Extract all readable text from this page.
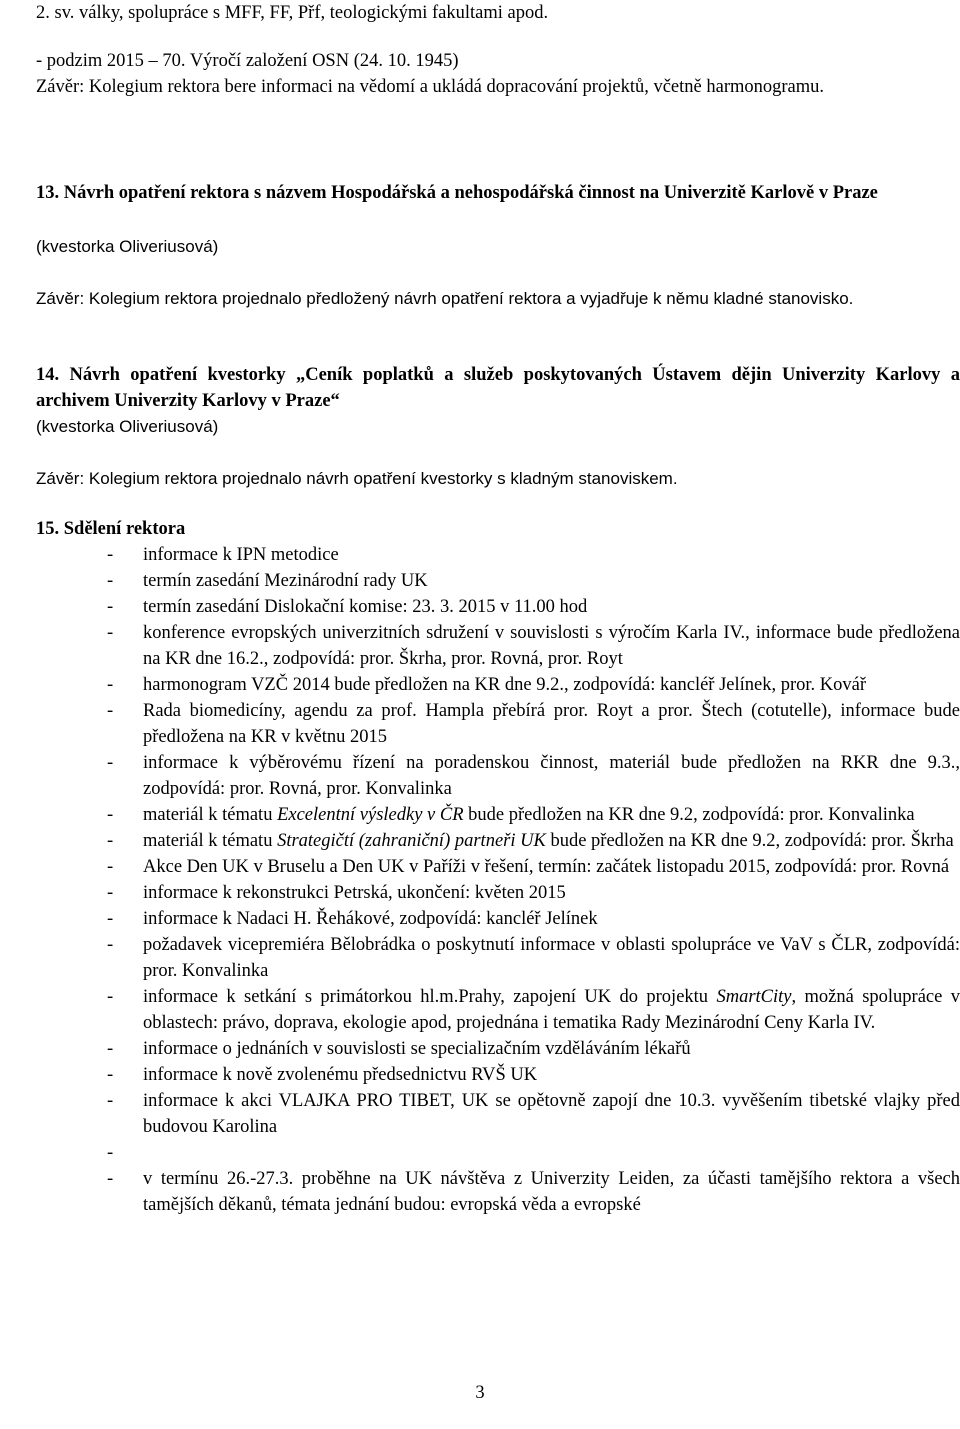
2. sv. války, spolupráce s MFF, FF, Přf, teologickými fakultami apod.

- podzim 2015 – 70. Výročí založení OSN (24. 10. 1945)

Závěr: Kolegium rektora bere informaci na vědomí a ukládá dopracování projektů, včetně harmonogramu.

13. Návrh opatření rektora s názvem Hospodářská a nehospodářská činnost na Univerzitě Karlově v Praze

(kvestorka Oliveriusová)

Závěr: Kolegium rektora projednalo předložený návrh opatření rektora a vyjadřuje k němu kladné stanovisko.

14. Návrh opatření kvestorky „Ceník poplatků a služeb poskytovaných Ústavem dějin Univerzity Karlovy a archivem Univerzity Karlovy v Praze“

(kvestorka Oliveriusová)

Závěr: Kolegium rektora projednalo návrh opatření kvestorky s kladným stanoviskem.

15. Sdělení rektora

- informace k IPN metodice
- termín zasedání Mezinárodní rady UK
- termín zasedání Dislokační komise: 23. 3. 2015 v 11.00 hod
- konference evropských univerzitních sdružení v souvislosti s výročím Karla IV., informace bude předložena na KR dne 16.2., zodpovídá: pror. Škrha, pror. Rovná, pror. Royt
- harmonogram VZČ 2014 bude předložen na KR dne 9.2., zodpovídá: kancléř Jelínek, pror. Kovář
- Rada biomedicíny, agendu za prof. Hampla přebírá pror. Royt a pror. Štech (cotutelle), informace bude předložena na KR v květnu 2015
- informace k výběrovému řízení na poradenskou činnost, materiál bude předložen na RKR dne 9.3., zodpovídá: pror. Rovná, pror. Konvalinka
- materiál k tématu Excelentní výsledky v ČR bude předložen na KR dne 9.2, zodpovídá: pror. Konvalinka
- materiál k tématu Strategičtí (zahraniční) partneři UK bude předložen na KR dne 9.2, zodpovídá: pror. Škrha
- Akce Den UK v Bruselu a Den UK v Paříži v řešení, termín: začátek listopadu 2015, zodpovídá: pror. Rovná
- informace k rekonstrukci Petrská, ukončení: květen 2015
- informace k Nadaci H. Řehákové, zodpovídá: kancléř Jelínek
- požadavek vicepremiéra Bělobrádka o poskytnutí informace v oblasti spolupráce ve VaV s ČLR, zodpovídá: pror. Konvalinka
- informace k setkání s primátorkou hl.m.Prahy, zapojení UK do projektu SmartCity, možná spolupráce v oblastech: právo, doprava, ekologie apod, projednána i tematika Rady Mezinárodní Ceny Karla IV.
- informace o jednáních v souvislosti se specializačním vzděláváním lékařů
- informace k nově zvolenému předsednictvu RVŠ UK
- informace k akci VLAJKA PRO TIBET, UK se opětovně zapojí dne 10.3. vyvěšením tibetské vlajky před budovou Karolina
-
- v termínu 26.-27.3. proběhne na UK návštěva z Univerzity Leiden, za účasti tamějšího rektora a všech tamějších děkanů, témata jednání budou: evropská věda a evropské
3
